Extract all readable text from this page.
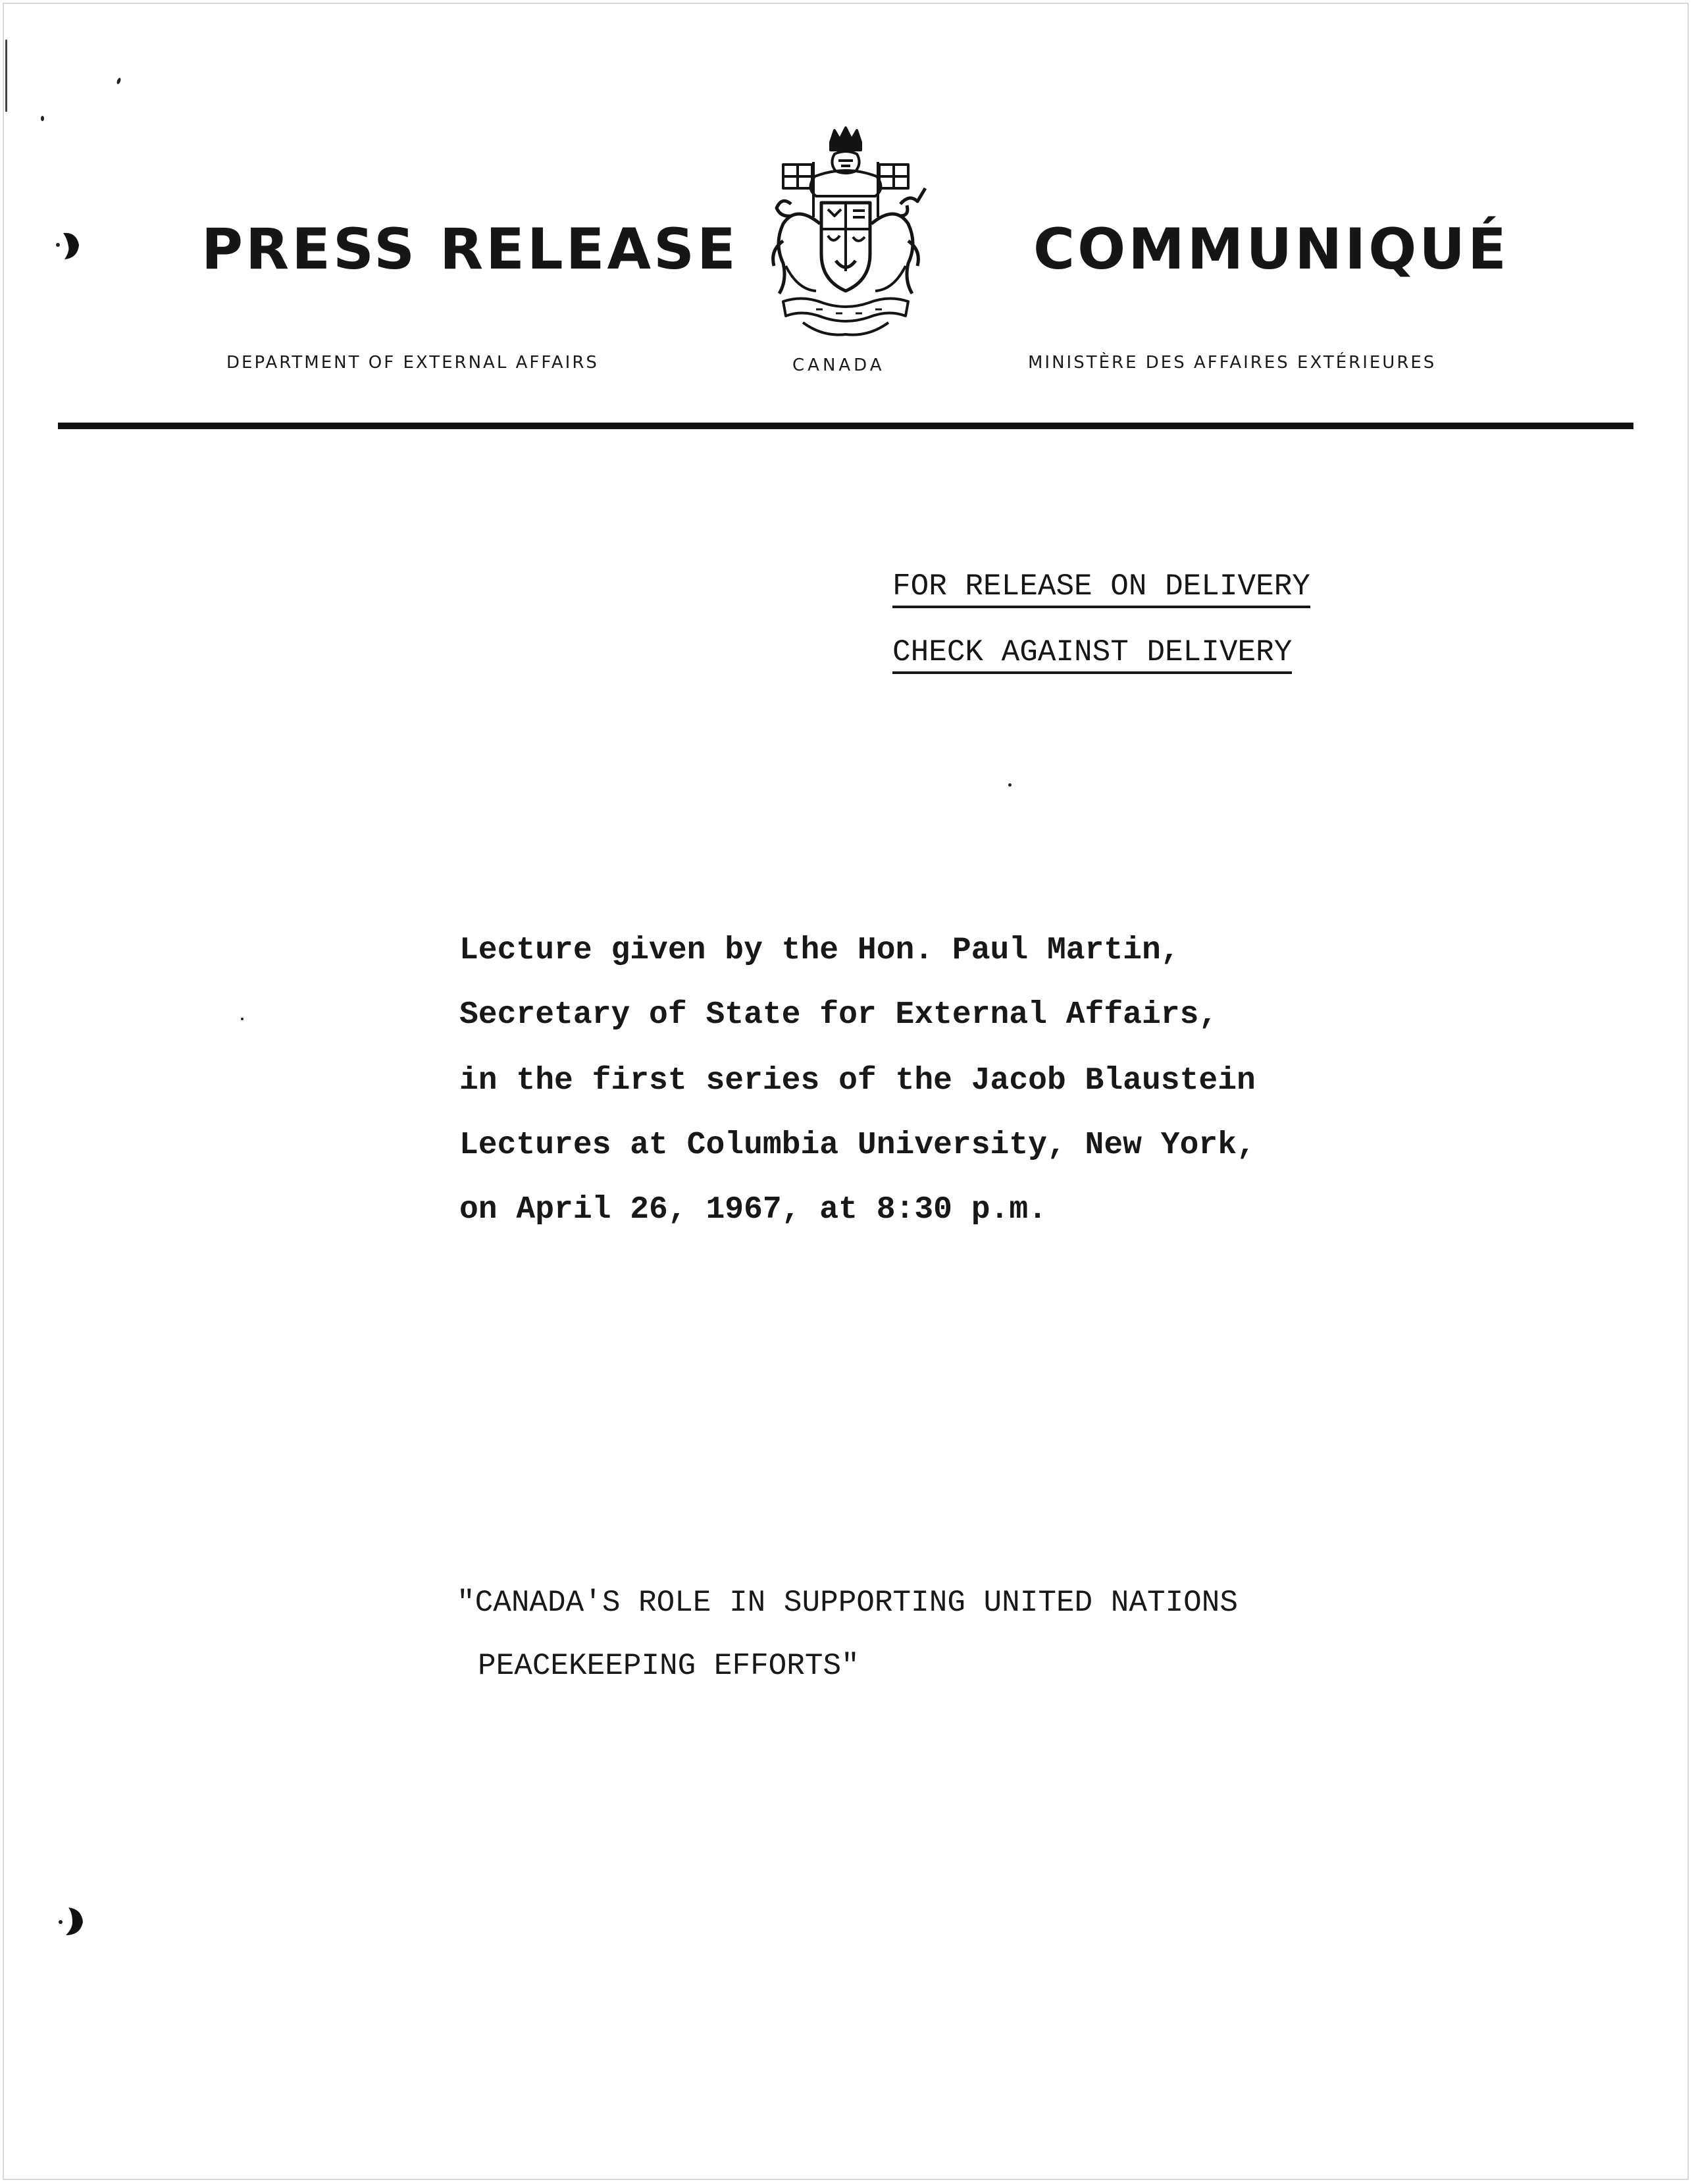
PRESS RELEASE	COMMUNIQUÉ
DEPARTMENT OF EXTERNAL AFFAIRS	CANADA	MINISTÈRE DES AFFAIRES EXTÉRIEURES
FOR RELEASE ON DELIVERY
CHECK AGAINST DELIVERY
Lecture given by the Hon. Paul Martin,
Secretary of State for External Affairs,
in the first series of the Jacob Blaustein
Lectures at Columbia University, New York,
on April 26, 1967, at 8:30 p.m.
"CANADA'S ROLE IN SUPPORTING UNITED NATIONS
PEACEKEEPING EFFORTS"
